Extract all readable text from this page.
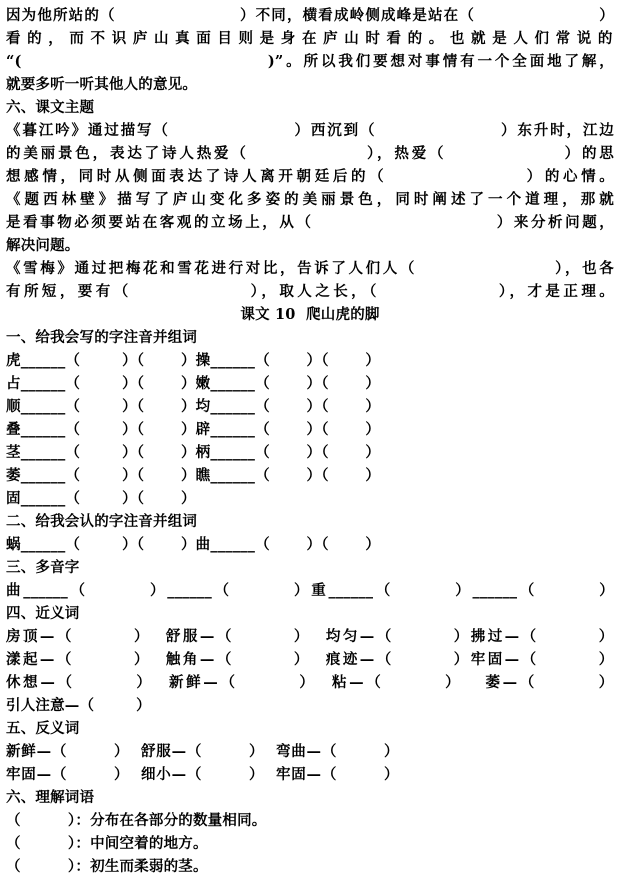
因为他所站的（                    ）不同，横看成岭侧成峰是站在（                    ）
看的，而不识庐山真面目则是身在庐山时看的。也就是人们常说的
“(                               )”。所以我们要想对事情有一个全面地了解，
就要多听一听其他人的意见。
六、课文主题
《暮江吟》通过描写（                  ）西沉到（                  ）东升时，江边
的美丽景色，表达了诗人热爱（               ），热爱（               ）的思
想感情，同时从侧面表达了诗人离开朝廷后的（                ）的心情。
《题西林壁》描写了庐山变化多姿的美丽景色，同时阐述了一个道理，那就
是看事物必须要站在客观的立场上，从（                        ）来分析问题，
解决问题。
《雪梅》通过把梅花和雪花进行对比，告诉了人们人（                  ），也各
有所短，要有（              ），取人之长，（              ），才是正理。
课文 10  爬山虎的脚
一、给我会写的字注音并组词
虎______（        ）（       ）操______（       ）（       ）
占______（        ）（       ）嫩______（       ）（       ）
顺______（        ）（       ）均______（       ）（       ）
叠______（        ）（       ）辟______（       ）（       ）
茎______（        ）（       ）柄______（       ）（       ）
萎______（        ）（       ）瞧______（       ）（       ）
固______（        ）（       ）
二、给我会认的字注音并组词
蜗______（        ）（       ）曲______（       ）（       ）
三、多音字
曲______（        ）______（        ）重______（        ）______（        ）
四、近义词
房顶—（        ）  舒服—（        ）  均匀—（        ）拂过—（        ）
漾起—（        ）  触角—（        ）  痕迹—（        ）牢固—（        ）
休想—（        ）  新鲜—（        ）  粘—（        ）   萎—（        ）
引人注意—（        ）
五、反义词
新鲜—（        ）  舒服—（        ）  弯曲—（        ）
牢固—（        ）  细小—（        ）  牢固—（        ）
六、理解词语
（         ）：分布在各部分的数量相同。
（         ）：中间空着的地方。
（         ）：初生而柔弱的茎。
